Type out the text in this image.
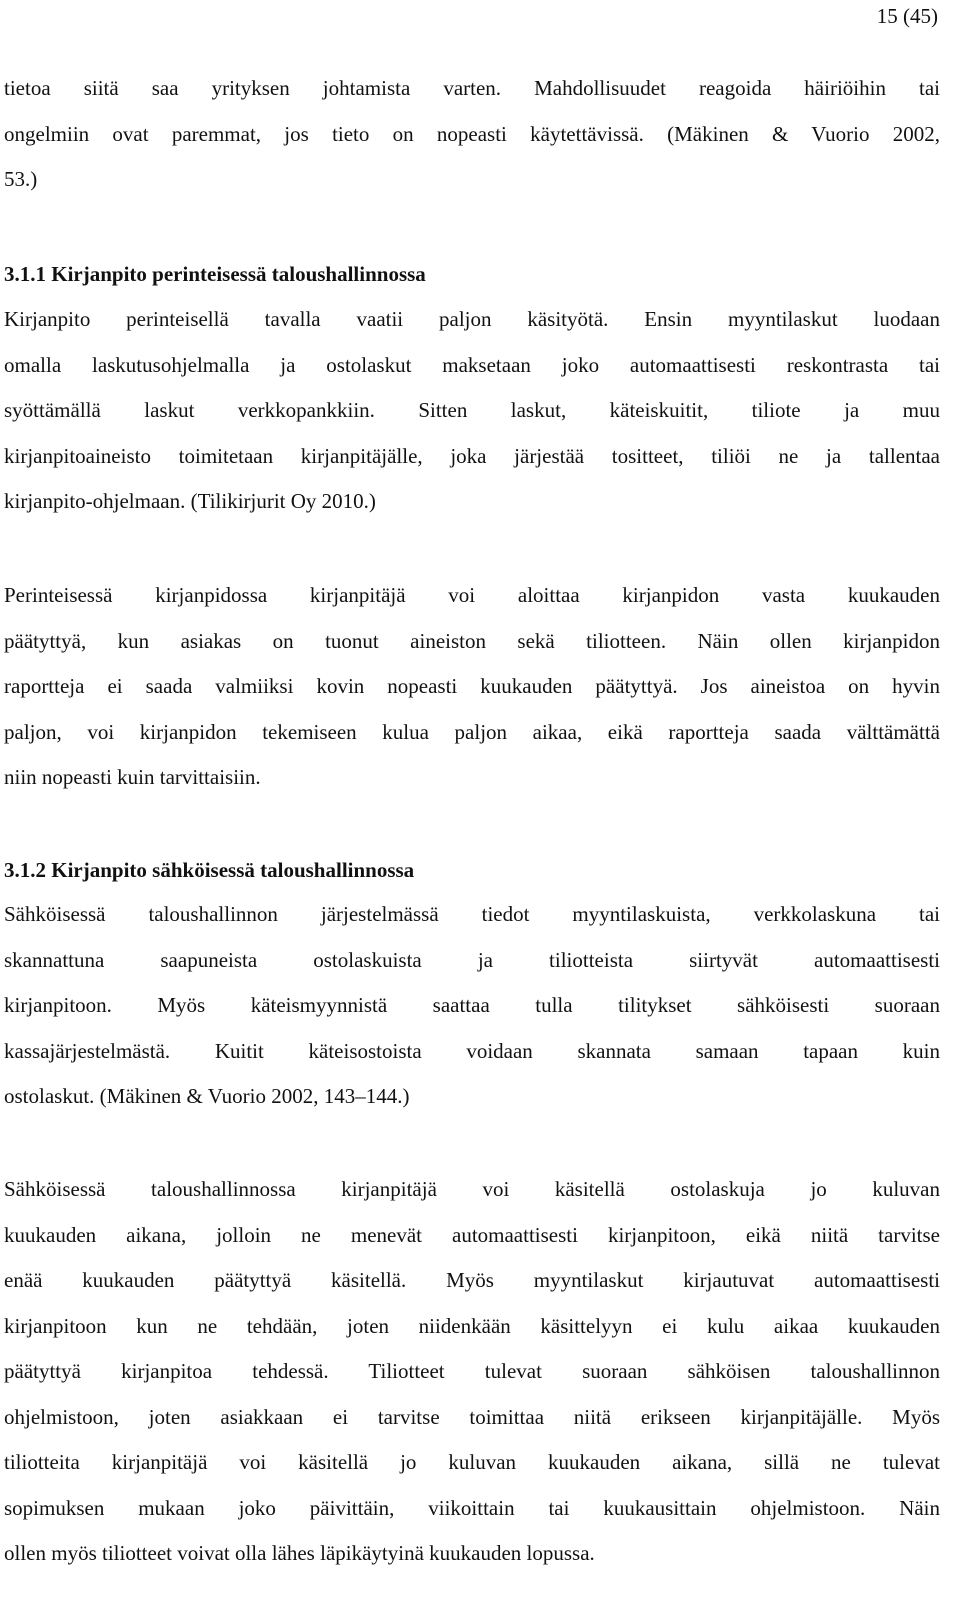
15 (45)
tietoa siitä saa yrityksen johtamista varten. Mahdollisuudet reagoida häiriöihin tai
ongelmiin ovat paremmat, jos tieto on nopeasti käytettävissä. (Mäkinen & Vuorio 2002,
53.)
3.1.1 Kirjanpito perinteisessä taloushallinnossa
Kirjanpito perinteisellä tavalla vaatii paljon käsityötä. Ensin myyntilaskut luodaan
omalla laskutusohjelmalla ja ostolaskut maksetaan joko automaattisesti reskontrasta tai
syöttämällä laskut verkkopankkiin. Sitten laskut, käteiskuitit, tiliote ja muu
kirjanpitoaineisto toimitetaan kirjanpitäjälle, joka järjestää tositteet, tiliöi ne ja tallentaa
kirjanpito-ohjelmaan. (Tilikirjurit Oy 2010.)
Perinteisessä kirjanpidossa kirjanpitäjä voi aloittaa kirjanpidon vasta kuukauden
päätyttyä, kun asiakas on tuonut aineiston sekä tiliotteen. Näin ollen kirjanpidon
raportteja ei saada valmiiksi kovin nopeasti kuukauden päätyttyä. Jos aineistoa on hyvin
paljon, voi kirjanpidon tekemiseen kulua paljon aikaa, eikä raportteja saada välttämättä
niin nopeasti kuin tarvittaisiin.
3.1.2 Kirjanpito sähköisessä taloushallinnossa
Sähköisessä taloushallinnon järjestelmässä tiedot myyntilaskuista, verkkolaskuna tai
skannattuna saapuneista ostolaskuista ja tiliotteista siirtyvät automaattisesti
kirjanpitoon. Myös käteismyynnistä saattaa tulla tilitykset sähköisesti suoraan
kassajärjestelmästä. Kuitit käteisostoista voidaan skannata samaan tapaan kuin
ostolaskut. (Mäkinen & Vuorio 2002, 143–144.)
Sähköisessä taloushallinnossa kirjanpitäjä voi käsitellä ostolaskuja jo kuluvan
kuukauden aikana, jolloin ne menevät automaattisesti kirjanpitoon, eikä niitä tarvitse
enää kuukauden päätyttyä käsitellä. Myös myyntilaskut kirjautuvat automaattisesti
kirjanpitoon kun ne tehdään, joten niidenkään käsittelyyn ei kulu aikaa kuukauden
päätyttyä kirjanpitoa tehdessä. Tiliotteet tulevat suoraan sähköisen taloushallinnon
ohjelmistoon, joten asiakkaan ei tarvitse toimittaa niitä erikseen kirjanpitäjälle. Myös
tiliotteita kirjanpitäjä voi käsitellä jo kuluvan kuukauden aikana, sillä ne tulevat
sopimuksen mukaan joko päivittäin, viikoittain tai kuukausittain ohjelmistoon. Näin
ollen myös tiliotteet voivat olla lähes läpikäytyinä kuukauden lopussa.
